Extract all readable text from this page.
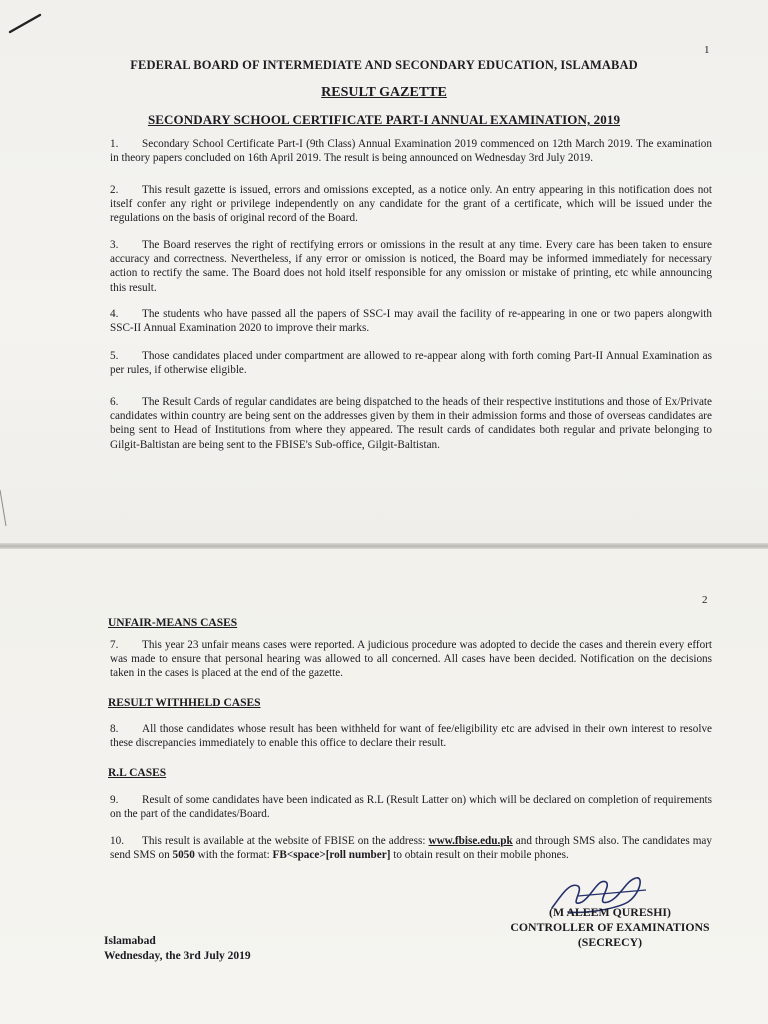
1

FEDERAL BOARD OF INTERMEDIATE AND SECONDARY EDUCATION, ISLAMABAD

RESULT GAZETTE

SECONDARY SCHOOL CERTIFICATE PART-I ANNUAL EXAMINATION, 2019

1. Secondary School Certificate Part-I (9th Class) Annual Examination 2019 commenced on 12th March 2019. The examination in theory papers concluded on 16th April 2019. The result is being announced on Wednesday 3rd July 2019.

2. This result gazette is issued, errors and omissions excepted, as a notice only. An entry appearing in this notification does not itself confer any right or privilege independently on any candidate for the grant of a certificate, which will be issued under the regulations on the basis of original record of the Board.

3. The Board reserves the right of rectifying errors or omissions in the result at any time. Every care has been taken to ensure accuracy and correctness. Nevertheless, if any error or omission is noticed, the Board may be informed immediately for necessary action to rectify the same. The Board does not hold itself responsible for any omission or mistake of printing, etc while announcing this result.

4. The students who have passed all the papers of SSC-I may avail the facility of re-appearing in one or two papers alongwith SSC-II Annual Examination 2020 to improve their marks.

5. Those candidates placed under compartment are allowed to re-appear along with forth coming Part-II Annual Examination as per rules, if otherwise eligible.

6. The Result Cards of regular candidates are being dispatched to the heads of their respective institutions and those of Ex/Private candidates within country are being sent on the addresses given by them in their admission forms and those of overseas candidates are being sent to Head of Institutions from where they appeared. The result cards of candidates both regular and private belonging to Gilgit-Baltistan are being sent to the FBISE's Sub-office, Gilgit-Baltistan.

2

UNFAIR-MEANS CASES

7. This year 23 unfair means cases were reported. A judicious procedure was adopted to decide the cases and therein every effort was made to ensure that personal hearing was allowed to all concerned. All cases have been decided. Notification on the decisions taken in the cases is placed at the end of the gazette.

RESULT WITHHELD CASES

8. All those candidates whose result has been withheld for want of fee/eligibility etc are advised in their own interest to resolve these discrepancies immediately to enable this office to declare their result.

R.L CASES

9. Result of some candidates have been indicated as R.L (Result Latter on) which will be declared on completion of requirements on the part of the candidates/Board.

10. This result is available at the website of FBISE on the address: www.fbise.edu.pk and through SMS also. The candidates may send SMS on 5050 with the format: FB<space>[roll number] to obtain result on their mobile phones.

(M ALEEM QURESHI)
CONTROLLER OF EXAMINATIONS
(SECRECY)
Islamabad
Wednesday, the 3rd July 2019
